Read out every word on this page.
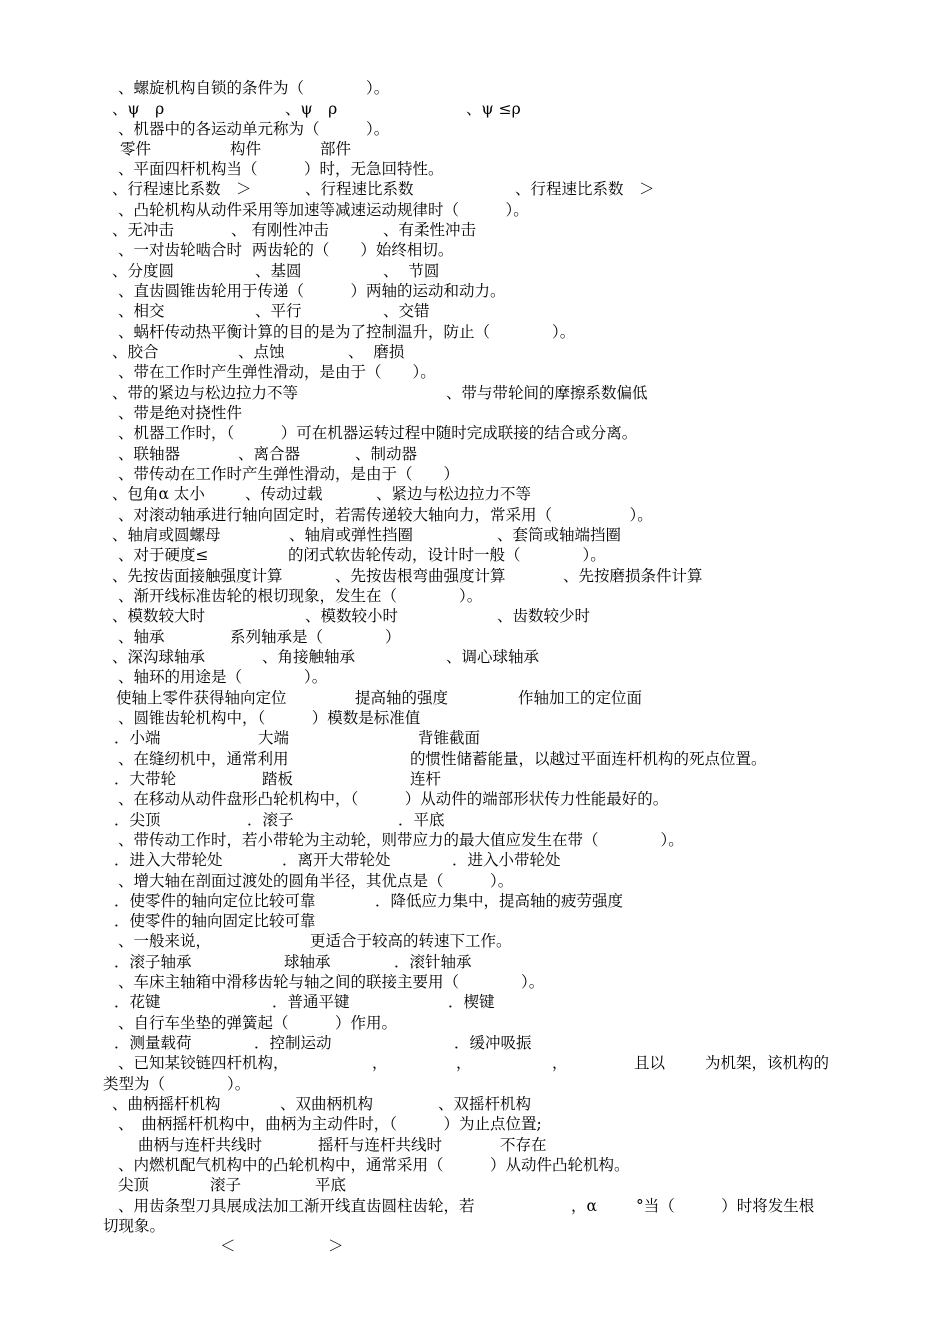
、螺旋机构自锁的条件为（　　　　）。
、ψ　ρ	、ψ　ρ	、ψ ≤ρ
、机器中的各运动单元称为（　　　）。
零件	构件	部件
、平面四杆机构当（　　　）时，无急回特性。
、行程速比系数　＞	、行程速比系数	、行程速比系数　＞
、凸轮机构从动件采用等加速等减速运动规律时（　　　）。
、无冲击	、 有刚性冲击	、有柔性冲击
、一对齿轮啮合时  两齿轮的（　　）始终相切。
、分度圆	、基圆	、  节圆
、直齿圆锥齿轮用于传递（　　　）两轴的运动和动力。
、相交	、平行	、交错
、蜗杆传动热平衡计算的目的是为了控制温升，防止（　　　　）。
、胶合	、点蚀	、  磨损
、带在工作时产生弹性滑动，是由于（　　）。
、带的紧边与松边拉力不等	、带与带轮间的摩擦系数偏低
、带是绝对挠性件
、机器工作时，（　　　）可在机器运转过程中随时完成联接的结合或分离。
、联轴器	、离合器	、制动器
、带传动在工作时产生弹性滑动，是由于（　　）
、包角α 太小	、传动过载	、紧边与松边拉力不等
、对滚动轴承进行轴向固定时，若需传递较大轴向力，常采用（　　　　　）。
、轴肩或圆螺母	、轴肩或弹性挡圈	、套筒或轴端挡圈
、对于硬度≤	的闭式软齿轮传动，设计时一般（　　　　）。
、先按齿面接触强度计算	、先按齿根弯曲强度计算	、先按磨损条件计算
、渐开线标准齿轮的根切现象，发生在（　　　　）。
、模数较大时	、模数较小时	、齿数较少时
、轴承	系列轴承是（　　　　）
、深沟球轴承	、角接触轴承	、调心球轴承
、轴环的用途是（　　　　）。
使轴上零件获得轴向定位	提高轴的强度	作轴加工的定位面
、圆锥齿轮机构中，（　　　）模数是标准值
．小端	大端	背锥截面
、在缝纫机中，通常利用	的惯性储蓄能量，以越过平面连杆机构的死点位置。
．大带轮	踏板	连杆
、在移动从动件盘形凸轮机构中，（　　　）从动件的端部形状传力性能最好的。
．尖顶	．滚子	．平底
、带传动工作时，若小带轮为主动轮，则带应力的最大值应发生在带（　　　　）。
．进入大带轮处	．离开大带轮处	．进入小带轮处
、增大轴在剖面过渡处的圆角半径，其优点是（　　　）。
．使零件的轴向定位比较可靠	．降低应力集中，提高轴的疲劳强度
．使零件的轴向固定比较可靠
、一般来说，	更适合于较高的转速下工作。
．滚子轴承	球轴承	．滚针轴承
、车床主轴箱中滑移齿轮与轴之间的联接主要用（　　　　）。
．花键	．普通平键	．楔键
、自行车坐垫的弹簧起（　　　）作用。
．测量载荷	．控制运动	．缓冲吸振
、已知某铰链四杆机构，	，	，	，	且以	为机架，该机构的
类型为（　　　　）。
、曲柄摇杆机构	、双曲柄机构	、双摇杆机构
、　曲柄摇杆机构中，曲柄为主动件时，（　　　）为止点位置;
曲柄与连杆共线时	摇杆与连杆共线时	不存在
、内燃机配气机构中的凸轮机构中，通常采用（　　　）从动件凸轮机构。
尖顶	滚子	平底
、用齿条型刀具展成法加工渐开线直齿圆柱齿轮，若	，α	°当（　　　）时将发生根
切现象。
＜	＞
